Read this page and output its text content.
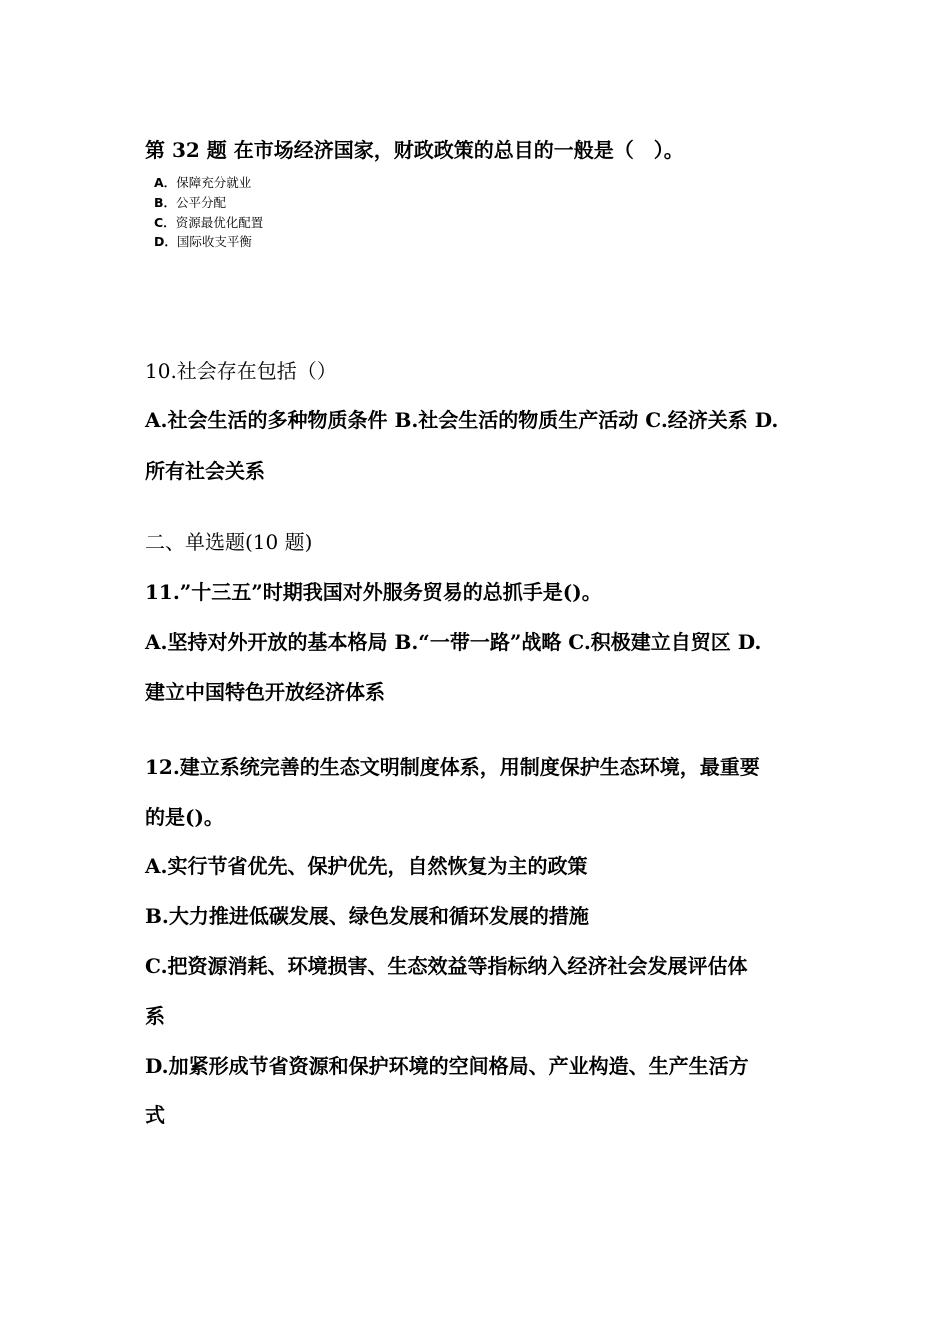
第 32 题 在市场经济国家，财政政策的总目的一般是（　）。
A．保障充分就业
B．公平分配
C．资源最优化配置
D．国际收支平衡
10.社会存在包括（）
A.社会生活的多种物质条件 B.社会生活的物质生产活动 C.经济关系 D.
所有社会关系
二、单选题(10 题)
11.”十三五”时期我国对外服务贸易的总抓手是()。
A.坚持对外开放的基本格局 B.“一带一路”战略 C.积极建立自贸区 D.
建立中国特色开放经济体系
12.建立系统完善的生态文明制度体系，用制度保护生态环境，最重要
的是()。
A.实行节省优先、保护优先，自然恢复为主的政策
B.大力推进低碳发展、绿色发展和循环发展的措施
C.把资源消耗、环境损害、生态效益等指标纳入经济社会发展评估体
系
D.加紧形成节省资源和保护环境的空间格局、产业构造、生产生活方
式
